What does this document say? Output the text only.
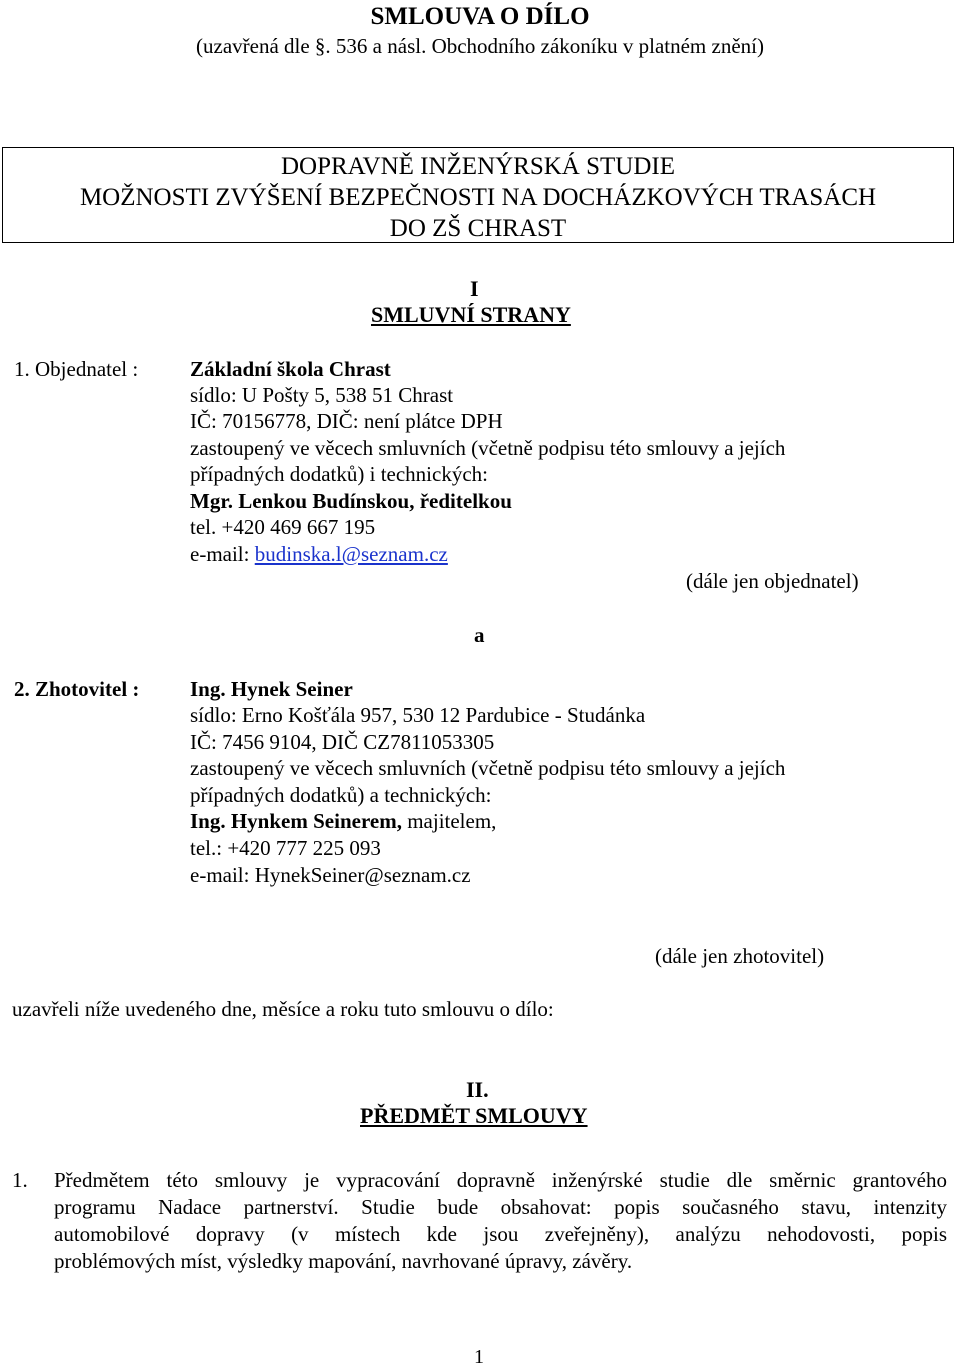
SMLOUVA O DÍLO
(uzavřená dle §. 536 a násl. Obchodního zákoníku v platném znění)
DOPRAVNĚ INŽENÝRSKÁ STUDIE
MOŽNOSTI ZVÝŠENÍ BEZPEČNOSTI NA DOCHÁZKOVÝCH TRASÁCH
DO ZŠ CHRAST
I
SMLUVNÍ STRANY
1. Objednatel : Základní škola Chrast
sídlo: U Pošty 5, 538 51 Chrast
IČ: 70156778, DIČ: není plátce DPH
zastoupený ve věcech smluvních (včetně podpisu této smlouvy a jejích
případných dodatků) i technických:
Mgr. Lenkou Budínskou, ředitelkou
tel. +420 469 667 195
e-mail: budinska.l@seznam.cz
(dále jen objednatel)
a
2. Zhotovitel : Ing. Hynek Seiner
sídlo: Erno Košťála 957, 530 12 Pardubice - Studánka
IČ: 7456 9104, DIČ CZ7811053305
zastoupený ve věcech smluvních (včetně podpisu této smlouvy a jejích
případných dodatků) a technických:
Ing. Hynkem Seinerem, majitelem,
tel.: +420 777 225 093
e-mail: HynekSeiner@seznam.cz
(dále jen zhotovitel)
uzavřeli níže uvedeného dne, měsíce a roku tuto smlouvu o dílo:
II.
PŘEDMĚT SMLOUVY
1. Předmětem této smlouvy je vypracování dopravně inženýrské studie dle směrnic grantového
programu Nadace partnerství. Studie bude obsahovat: popis současného stavu, intenzity
automobilové dopravy (v místech kde jsou zveřejněny), analýzu nehodovosti, popis
problémových míst, výsledky mapování, navrhované úpravy, závěry.
1
